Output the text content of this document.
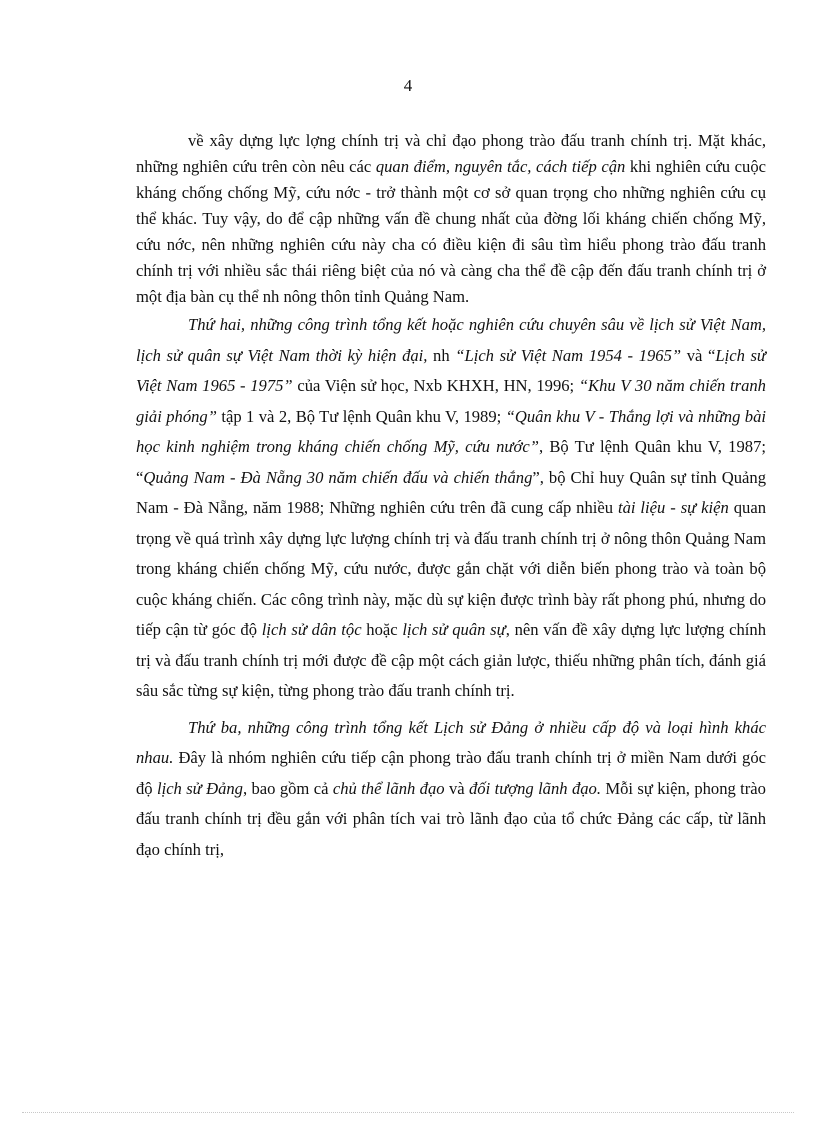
4

về xây dựng lực lợng chính trị và chỉ đạo phong trào đấu tranh chính trị. Mặt khác, những nghiên cứu trên còn nêu các quan điểm, nguyên tắc, cách tiếp cận khi nghiên cứu cuộc kháng chống chống Mỹ, cứu nớc - trở thành một cơ sở quan trọng cho những nghiên cứu cụ thể khác. Tuy vậy, do để cập những vấn đề chung nhất của đờng lối kháng chiến chống Mỹ, cứu nớc, nên những nghiên cứu này cha có điều kiện đi sâu tìm hiểu phong trào đấu tranh chính trị với nhiều sắc thái riêng biệt của nó và càng cha thể đề cập đến đấu tranh chính trị ở một địa bàn cụ thể nh nông thôn tỉnh Quảng Nam.

Thứ hai, những công trình tổng kết hoặc nghiên cứu chuyên sâu về lịch sử Việt Nam, lịch sử quân sự Việt Nam thời kỳ hiện đại, nh “Lịch sử Việt Nam 1954 - 1965” và “Lịch sử Việt Nam 1965 - 1975” của Viện sử học, Nxb KHXH, HN, 1996; “Khu V 30 năm chiến tranh giải phóng” tập 1 và 2, Bộ Tư lệnh Quân khu V, 1989; “Quân khu V - Thắng lợi và những bài học kinh nghiệm trong kháng chiến chống Mỹ, cứu nước”, Bộ Tư lệnh Quân khu V, 1987; “Quảng Nam - Đà Nẵng 30 năm chiến đấu và chiến thắng”, bộ Chỉ huy Quân sự tỉnh Quảng Nam - Đà Nẵng, năm 1988; Những nghiên cứu trên đã cung cấp nhiều tài liệu - sự kiện quan trọng về quá trình xây dựng lực lượng chính trị và đấu tranh chính trị ở nông thôn Quảng Nam trong kháng chiến chống Mỹ, cứu nước, được gắn chặt với diễn biến phong trào và toàn bộ cuộc kháng chiến. Các công trình này, mặc dù sự kiện được trình bày rất phong phú, nhưng do tiếp cận từ góc độ lịch sử dân tộc hoặc lịch sử quân sự, nên vấn đề xây dựng lực lượng chính trị và đấu tranh chính trị mới được đề cập một cách giản lược, thiếu những phân tích, đánh giá sâu sắc từng sự kiện, từng phong trào đấu tranh chính trị.

Thứ ba, những công trình tổng kết Lịch sử Đảng ở nhiều cấp độ và loại hình khác nhau. Đây là nhóm nghiên cứu tiếp cận phong trào đấu tranh chính trị ở miền Nam dưới góc độ lịch sử Đảng, bao gồm cả chủ thể lãnh đạo và đối tượng lãnh đạo. Mỗi sự kiện, phong trào đấu tranh chính trị đều gắn với phân tích vai trò lãnh đạo của tổ chức Đảng các cấp, từ lãnh đạo chính trị,
